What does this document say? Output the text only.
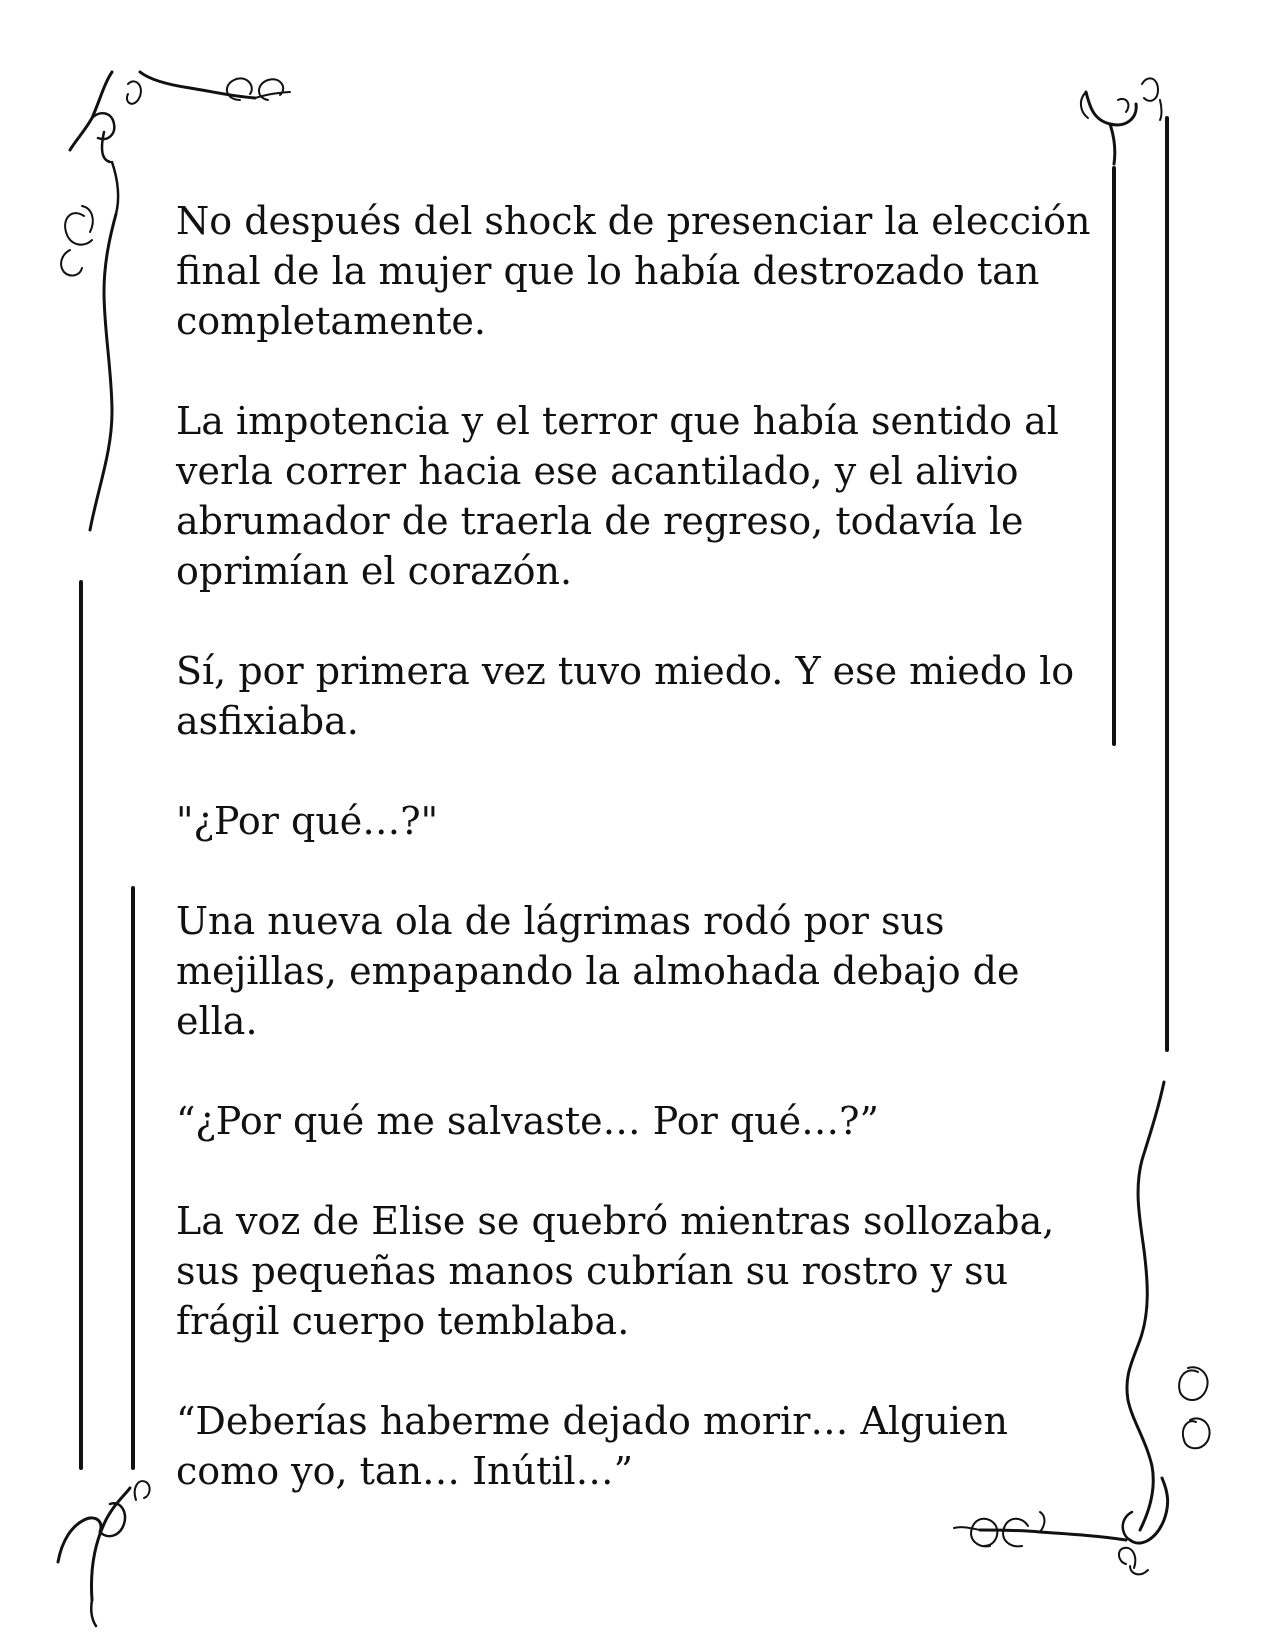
No después del shock de presenciar la elección
final de la mujer que lo había destrozado tan
completamente.

La impotencia y el terror que había sentido al
verla correr hacia ese acantilado, y el alivio
abrumador de traerla de regreso, todavía le
oprimían el corazón.

Sí, por primera vez tuvo miedo. Y ese miedo lo
asfixiaba.

"¿Por qué…?"

Una nueva ola de lágrimas rodó por sus
mejillas, empapando la almohada debajo de
ella.

“¿Por qué me salvaste… Por qué…?”

La voz de Elise se quebró mientras sollozaba,
sus pequeñas manos cubrían su rostro y su
frágil cuerpo temblaba.

“Deberías haberme dejado morir… Alguien
como yo, tan… Inútil…”
